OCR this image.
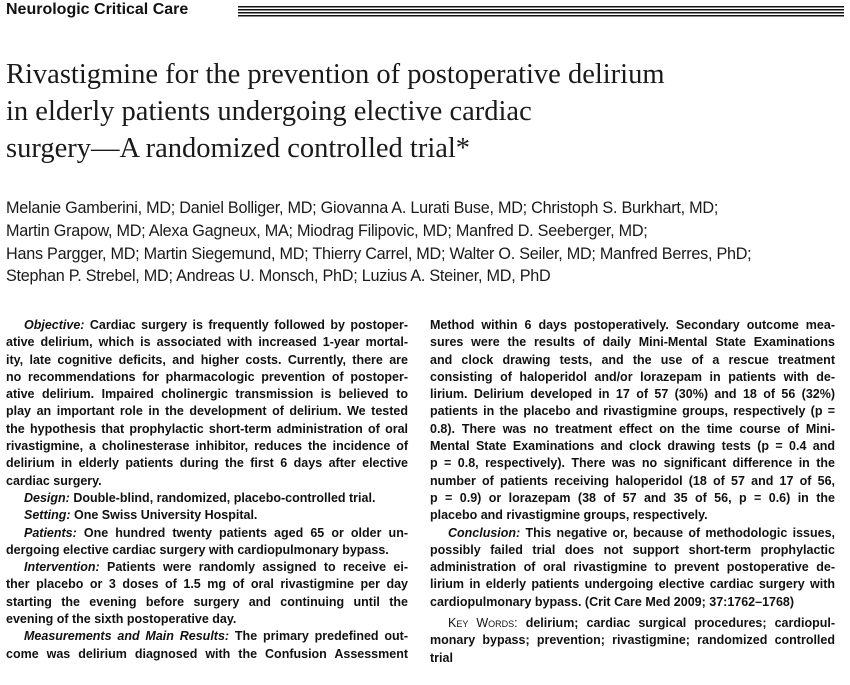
Neurologic Critical Care
Rivastigmine for the prevention of postoperative delirium
in elderly patients undergoing elective cardiac
surgery—A randomized controlled trial*
Melanie Gamberini, MD; Daniel Bolliger, MD; Giovanna A. Lurati Buse, MD; Christoph S. Burkhart, MD;
Martin Grapow, MD; Alexa Gagneux, MA; Miodrag Filipovic, MD; Manfred D. Seeberger, MD;
Hans Pargger, MD; Martin Siegemund, MD; Thierry Carrel, MD; Walter O. Seiler, MD; Manfred Berres, PhD;
Stephan P. Strebel, MD; Andreas U. Monsch, PhD; Luzius A. Steiner, MD, PhD
Objective: Cardiac surgery is frequently followed by postoper-
ative delirium, which is associated with increased 1-year mortal-
ity, late cognitive deficits, and higher costs. Currently, there are
no recommendations for pharmacologic prevention of postoper-
ative delirium. Impaired cholinergic transmission is believed to
play an important role in the development of delirium. We tested
the hypothesis that prophylactic short-term administration of oral
rivastigmine, a cholinesterase inhibitor, reduces the incidence of
delirium in elderly patients during the first 6 days after elective
cardiac surgery.
Design: Double-blind, randomized, placebo-controlled trial.
Setting: One Swiss University Hospital.
Patients: One hundred twenty patients aged 65 or older un-
dergoing elective cardiac surgery with cardiopulmonary bypass.
Intervention: Patients were randomly assigned to receive ei-
ther placebo or 3 doses of 1.5 mg of oral rivastigmine per day
starting the evening before surgery and continuing until the
evening of the sixth postoperative day.
Measurements and Main Results: The primary predefined out-
come was delirium diagnosed with the Confusion Assessment
Method within 6 days postoperatively. Secondary outcome mea-
sures were the results of daily Mini-Mental State Examinations
and clock drawing tests, and the use of a rescue treatment
consisting of haloperidol and/or lorazepam in patients with de-
lirium. Delirium developed in 17 of 57 (30%) and 18 of 56 (32%)
patients in the placebo and rivastigmine groups, respectively (p =
0.8). There was no treatment effect on the time course of Mini-
Mental State Examinations and clock drawing tests (p = 0.4 and
p = 0.8, respectively). There was no significant difference in the
number of patients receiving haloperidol (18 of 57 and 17 of 56,
p = 0.9) or lorazepam (38 of 57 and 35 of 56, p = 0.6) in the
placebo and rivastigmine groups, respectively.
Conclusion: This negative or, because of methodologic issues,
possibly failed trial does not support short-term prophylactic
administration of oral rivastigmine to prevent postoperative de-
lirium in elderly patients undergoing elective cardiac surgery with
cardiopulmonary bypass. (Crit Care Med 2009; 37:1762–1768)
Key Words: delirium; cardiac surgical procedures; cardiopul-
monary bypass; prevention; rivastigmine; randomized controlled
trial
